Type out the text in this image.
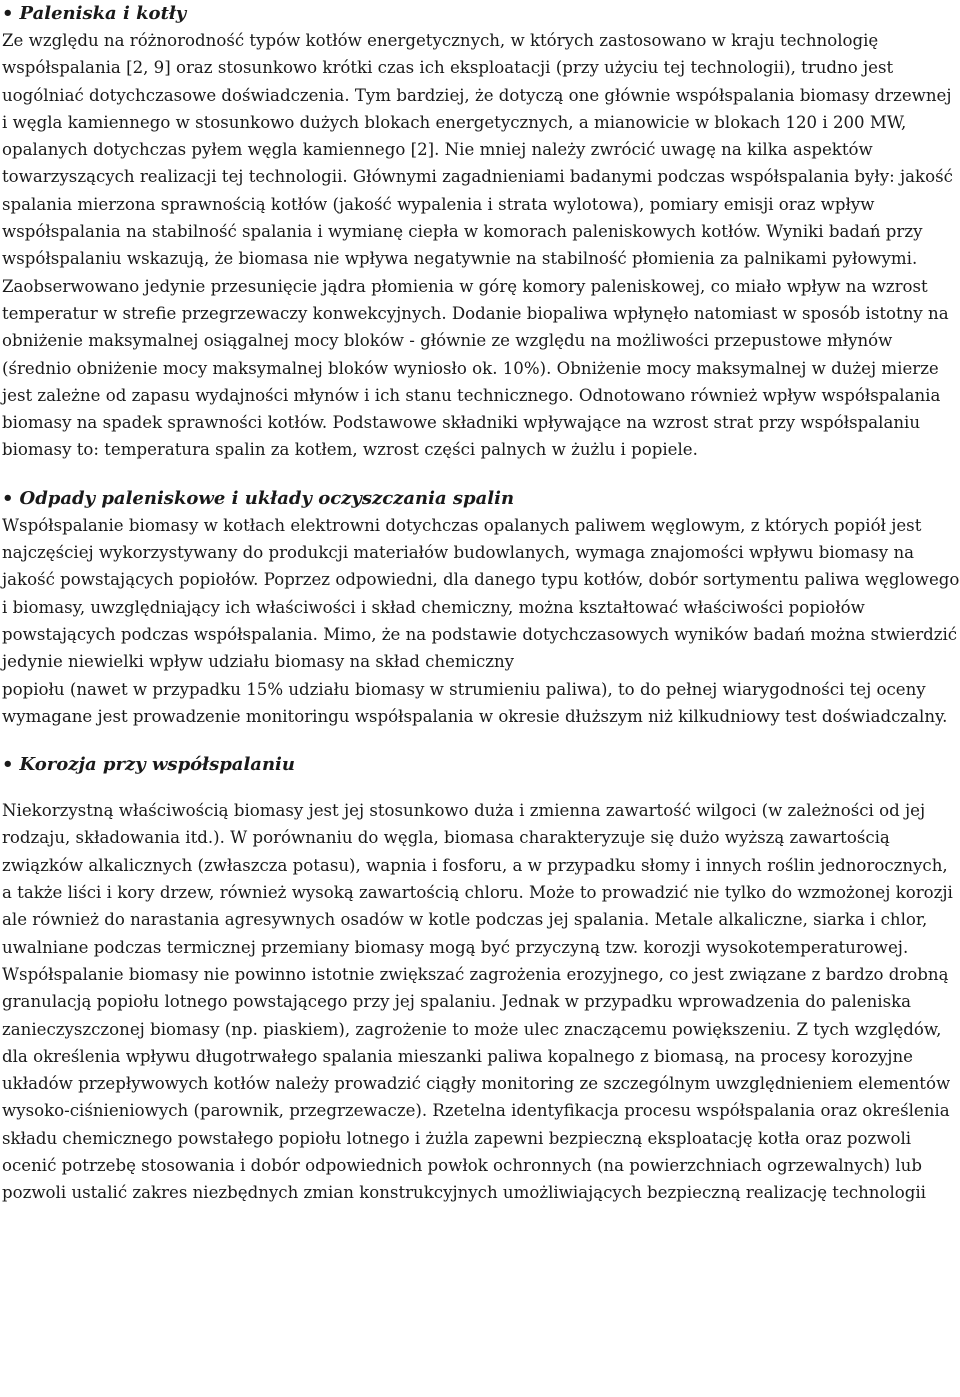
• Paleniska i kotły

Ze względu na różnorodność typów kotłów energetycznych, w których zastosowano w kraju technologię współspalania [2, 9] oraz stosunkowo krótki czas ich eksploatacji (przy użyciu tej technologii), trudno jest uogólniać dotychczasowe doświadczenia. Tym bardziej, że dotyczą one głównie współspalania biomasy drzewnej i węgla kamiennego w stosunkowo dużych blokach energetycznych, a mianowicie w blokach 120 i 200 MW, opalanych dotychczas pyłem węgla kamiennego [2]. Nie mniej należy zwrócić uwagę na kilka aspektów towarzyszących realizacji tej technologii. Głównymi zagadnieniami badanymi podczas współspalania były: jakość spalania mierzona sprawnością kotłów (jakość wypalenia i strata wylotowa), pomiary emisji oraz wpływ współspalania na stabilność spalania i wymianę ciepła w komorach paleniskowych kotłów. Wyniki badań przy współspalaniu wskazują, że biomasa nie wpływa negatywnie na stabilność płomienia za palnikami pyłowymi. Zaobserwowano jedynie przesunięcie jądra płomienia w górę komory paleniskowej, co miało wpływ na wzrost temperatur w strefie przegrzewaczy konwekcyjnych. Dodanie biopaliwa wpłynęło natomiast w sposób istotny na obniżenie maksymalnej osiągalnej mocy bloków - głównie ze względu na możliwości przepustowe młynów (średnio obniżenie mocy maksymalnej bloków wyniosło ok. 10%). Obniżenie mocy maksymalnej w dużej mierze jest zależne od zapasu wydajności młynów i ich stanu technicznego. Odnotowano również wpływ współspalania biomasy na spadek sprawności kotłów. Podstawowe składniki wpływające na wzrost strat przy współspalaniu biomasy to: temperatura spalin za kotłem, wzrost części palnych w żużlu i popiele.

• Odpady paleniskowe i układy oczyszczania spalin

Współspalanie biomasy w kotłach elektrowni dotychczas opalanych paliwem węglowym, z których popiół jest najczęściej wykorzystywany do produkcji materiałów budowlanych, wymaga znajomości wpływu biomasy na jakość powstających popiołów. Poprzez odpowiedni, dla danego typu kotłów, dobór sortymentu paliwa węglowego i biomasy, uwzględniający ich właściwości i skład chemiczny, można kształtować właściwości popiołów powstających podczas współspalania. Mimo, że na podstawie dotychczasowych wyników badań można stwierdzić jedynie niewielki wpływ udziału biomasy na skład chemiczny

popiołu (nawet w przypadku 15% udziału biomasy w strumieniu paliwa), to do pełnej wiarygodności tej oceny wymagane jest prowadzenie monitoringu współspalania w okresie dłuższym niż kilkudniowy test doświadczalny.

• Korozja przy współspalaniu

Niekorzystną właściwością biomasy jest jej stosunkowo duża i zmienna zawartość wilgoci (w zależności od jej rodzaju, składowania itd.). W porównaniu do węgla, biomasa charakteryzuje się dużo wyższą zawartością związków alkalicznych (zwłaszcza potasu), wapnia i fosforu, a w przypadku słomy i innych roślin jednorocznych, a także liści i kory drzew, również wysoką zawartością chloru. Może to prowadzić nie tylko do wzmożonej korozji ale również do narastania agresywnych osadów w kotle podczas jej spalania. Metale alkaliczne, siarka i chlor, uwalniane podczas termicznej przemiany biomasy mogą być przyczyną tzw. korozji wysokotemperaturowej. Współspalanie biomasy nie powinno istotnie zwiększać zagrożenia erozyjnego, co jest związane z bardzo drobną granulacją popiołu lotnego powstającego przy jej spalaniu. Jednak w przypadku wprowadzenia do paleniska zanieczyszczonej biomasy (np. piaskiem), zagrożenie to może ulec znaczącemu powiększeniu. Z tych względów, dla określenia wpływu długotrwałego spalania mieszanki paliwa kopalnego z biomasą, na procesy korozyjne układów przepływowych kotłów należy prowadzić ciągły monitoring ze szczególnym uwzględnieniem elementów wysoko-ciśnieniowych (parownik, przegrzewacze). Rzetelna identyfikacja procesu współspalania oraz określenia składu chemicznego powstałego popiołu lotnego i żużla zapewni bezpieczną eksploatację kotła oraz pozwoli ocenić potrzebę stosowania i dobór odpowiednich powłok ochronnych (na powierzchniach ogrzewalnych) lub pozwoli ustalić zakres niezbędnych zmian konstrukcyjnych umożliwiających bezpieczną realizację technologii
